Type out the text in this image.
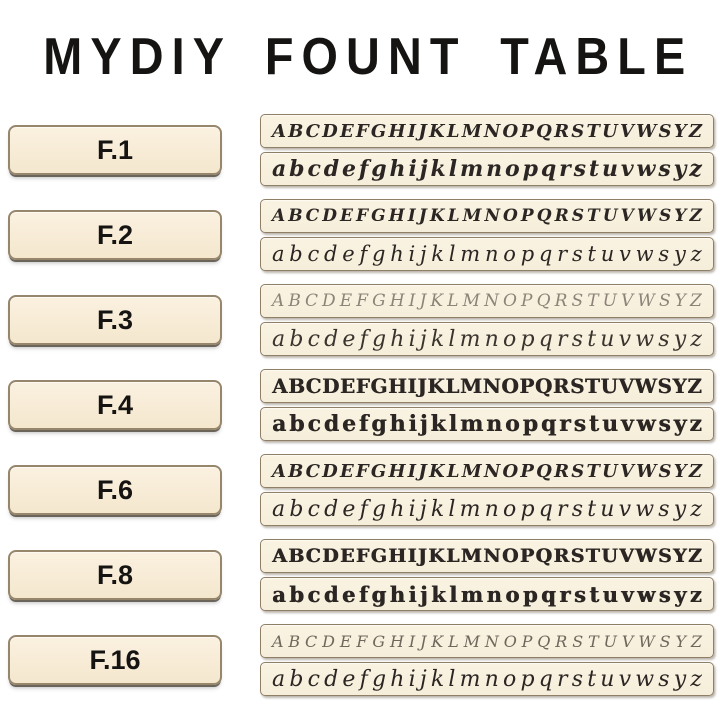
MYDIY FOUNT TABLE
F.1
A B C D E F G H I J K L M N O P Q R S T U V W S Y Z
a b c d e f g h i j k l m n o p q r s t u v w s y z
F.2
A B C D E F G H I J K L M N O P Q R S T U V W S Y Z
a b c d e f g h i j k l m n o p q r s t u v w s y z
F.3
A B C D E F G H I J K L M N O P Q R S T U V W S Y Z
a b c d e f g h i j k l m n o p q r s t u v w s y z
F.4
A B C D E F G H I J K L M N O P Q R S T U V W S Y Z
a b c d e f g h i j k l m n o p q r s t u v w s y z
F.6
A B C D E F G H I J K L M N O P Q R S T U V W S Y Z
a b c d e f g h i j k l m n o p q r s t u v w s y z
F.8
A B C D E F G H I J K L M N O P Q R S T U V W S Y Z
a b c d e f g h i j k l m n o p q r s t u v w s y z
F.16
A B C D E F G H I J K L M N O P Q R S T U V W S Y Z
a b c d e f g h i j k l m n o p q r s t u v w s y z
